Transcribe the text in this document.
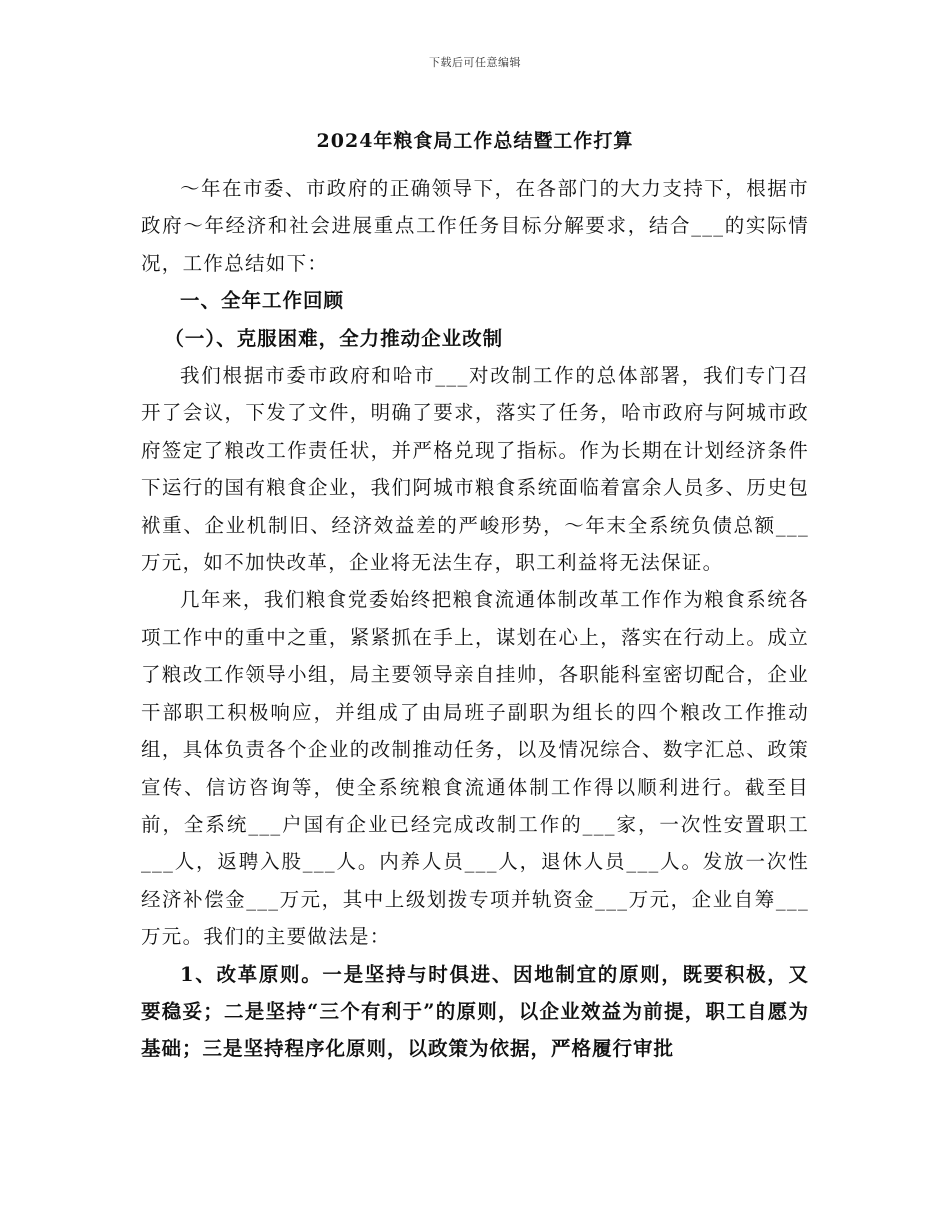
下载后可任意编辑
2024年粮食局工作总结暨工作打算

～年在市委、市政府的正确领导下，在各部门的大力支持下，根据市政府～年经济和社会进展重点工作任务目标分解要求，结合___的实际情况，工作总结如下：

一、全年工作回顾

（一）、克服困难，全力推动企业改制

我们根据市委市政府和哈市___对改制工作的总体部署，我们专门召开了会议，下发了文件，明确了要求，落实了任务，哈市政府与阿城市政府签定了粮改工作责任状，并严格兑现了指标。作为长期在计划经济条件下运行的国有粮食企业，我们阿城市粮食系统面临着富余人员多、历史包袱重、企业机制旧、经济效益差的严峻形势，～年末全系统负债总额___万元，如不加快改革，企业将无法生存，职工利益将无法保证。

几年来，我们粮食党委始终把粮食流通体制改革工作作为粮食系统各项工作中的重中之重，紧紧抓在手上，谋划在心上，落实在行动上。成立了粮改工作领导小组，局主要领导亲自挂帅，各职能科室密切配合，企业干部职工积极响应，并组成了由局班子副职为组长的四个粮改工作推动组，具体负责各个企业的改制推动任务，以及情况综合、数字汇总、政策宣传、信访咨询等，使全系统粮食流通体制工作得以顺利进行。截至目前，全系统___户国有企业已经完成改制工作的___家，一次性安置职工___人，返聘入股___人。内养人员___人，退休人员___人。发放一次性经济补偿金___万元，其中上级划拨专项并轨资金___万元，企业自筹___万元。我们的主要做法是：

1、改革原则。一是坚持与时俱进、因地制宜的原则，既要积极，又要稳妥；二是坚持“三个有利于”的原则，以企业效益为前提，职工自愿为基础；三是坚持程序化原则，以政策为依据，严格履行审批
